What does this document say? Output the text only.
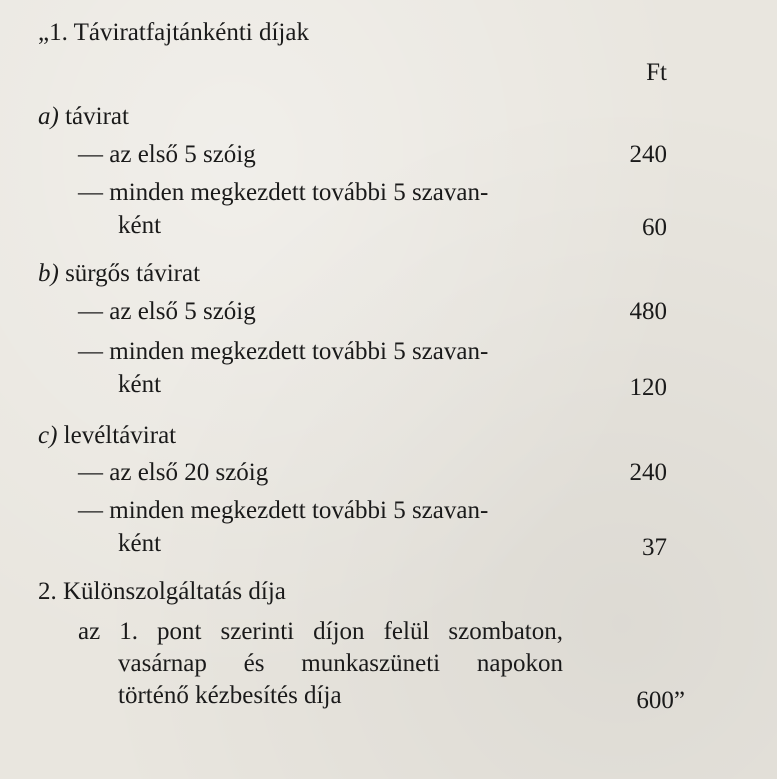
„1. Táviratfajtánkénti díjak
Ft
a) távirat
— az első 5 szóig	240
— minden megkezdett további 5 szavan-
ként	60
b) sürgős távirat
— az első 5 szóig	480
— minden megkezdett további 5 szavan-
ként	120
c) levéltávirat
— az első 20 szóig	240
— minden megkezdett további 5 szavan-
ként	37
2. Különszolgáltatás díja
az 1. pont szerinti díjon felül szombaton,
vasárnap és munkaszüneti napokon
történő kézbesítés díja	600”
